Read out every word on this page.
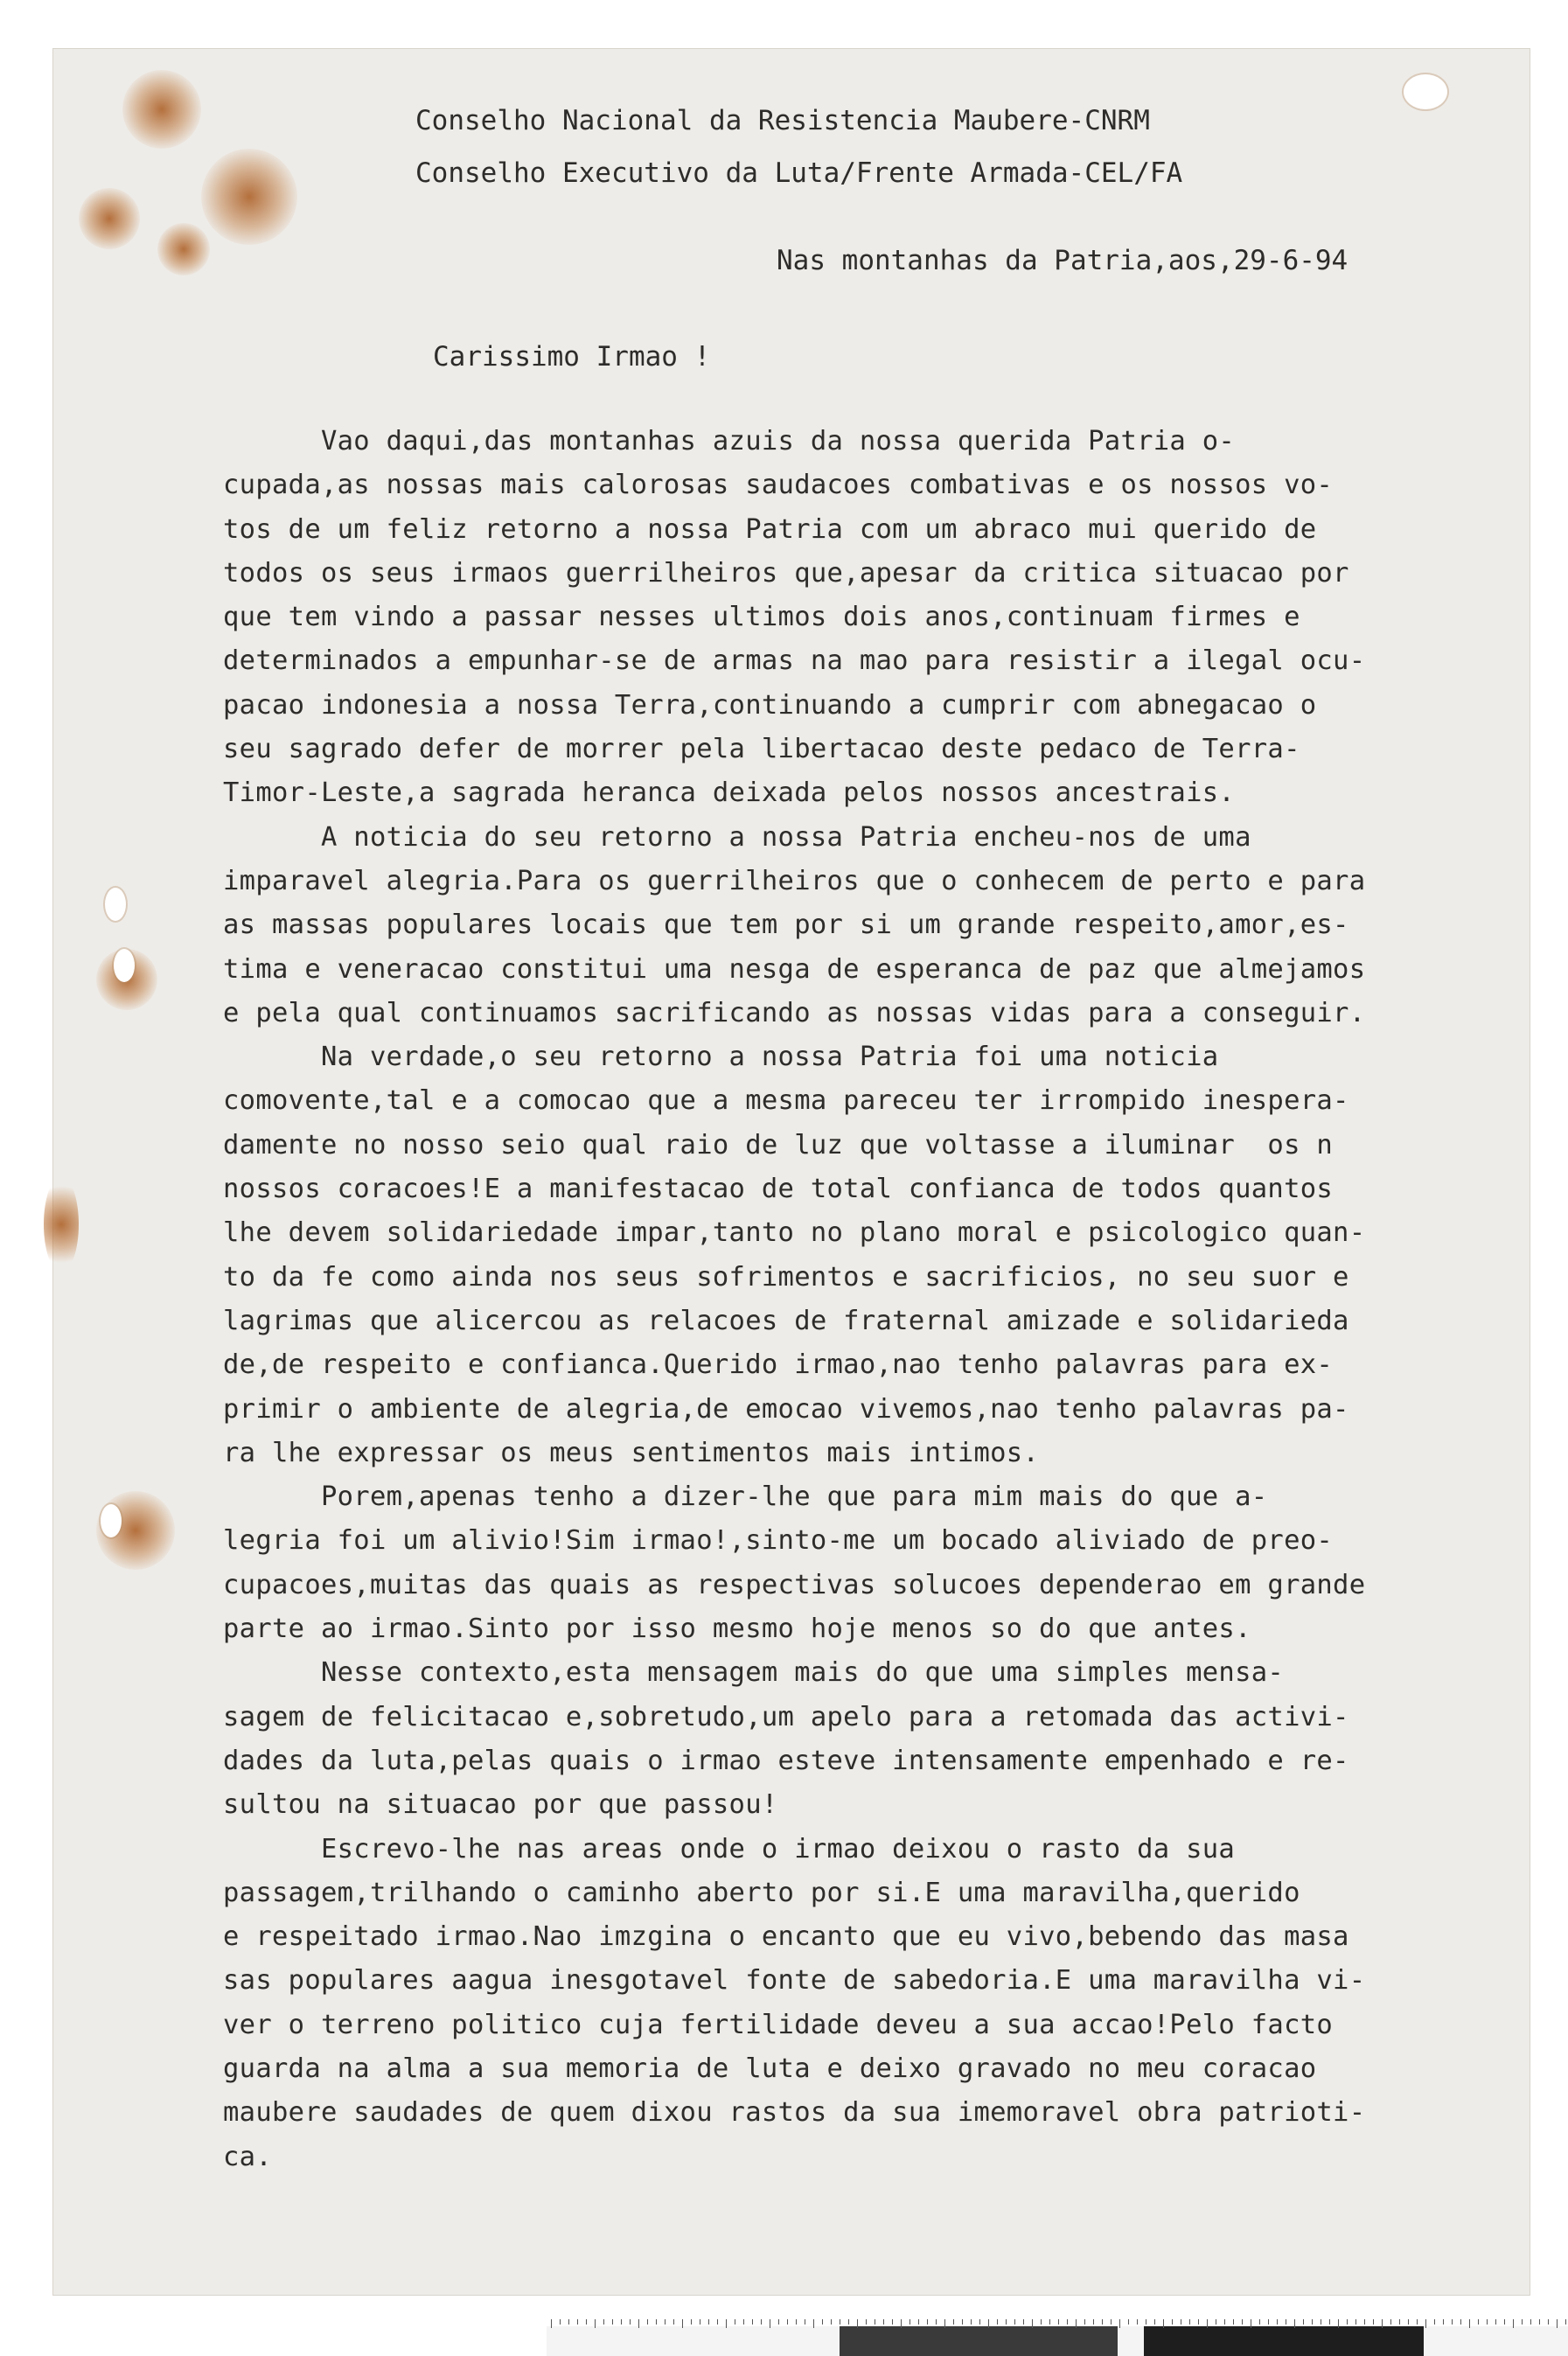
Conselho Nacional da Resistencia Maubere-CNRM
Conselho Executivo da Luta/Frente Armada-CEL/FA
Nas montanhas da Patria,aos,29-6-94
Carissimo Irmao !
Vao daqui,das montanhas azuis da nossa querida Patria o-
cupada,as nossas mais calorosas saudacoes combativas e os nossos vo-
tos de um feliz retorno a nossa Patria com um abraco mui querido de
todos os seus irmaos guerrilheiros que,apesar da critica situacao por
que tem vindo a passar nesses ultimos dois anos,continuam firmes e
determinados a empunhar-se de armas na mao para resistir a ilegal ocu-
pacao indonesia a nossa Terra,continuando a cumprir com abnegacao o
seu sagrado defer de morrer pela libertacao deste pedaco de Terra-
Timor-Leste,a sagrada heranca deixada pelos nossos ancestrais.
A noticia do seu retorno a nossa Patria encheu-nos de uma
imparavel alegria.Para os guerrilheiros que o conhecem de perto e para
as massas populares locais que tem por si um grande respeito,amor,es-
tima e veneracao constitui uma nesga de esperanca de paz que almejamos
e pela qual continuamos sacrificando as nossas vidas para a conseguir.
Na verdade,o seu retorno a nossa Patria foi uma noticia
comovente,tal e a comocao que a mesma pareceu ter irrompido inespera-
damente no nosso seio qual raio de luz que voltasse a iluminar  os n
nossos coracoes!E a manifestacao de total confianca de todos quantos
lhe devem solidariedade impar,tanto no plano moral e psicologico quan-
to da fe como ainda nos seus sofrimentos e sacrificios, no seu suor e
lagrimas que alicercou as relacoes de fraternal amizade e solidarieda
de,de respeito e confianca.Querido irmao,nao tenho palavras para ex-
primir o ambiente de alegria,de emocao vivemos,nao tenho palavras pa-
ra lhe expressar os meus sentimentos mais intimos.
Porem,apenas tenho a dizer-lhe que para mim mais do que a-
legria foi um alivio!Sim irmao!,sinto-me um bocado aliviado de preo-
cupacoes,muitas das quais as respectivas solucoes dependerao em grande
parte ao irmao.Sinto por isso mesmo hoje menos so do que antes.
Nesse contexto,esta mensagem mais do que uma simples mensa-
sagem de felicitacao e,sobretudo,um apelo para a retomada das activi-
dades da luta,pelas quais o irmao esteve intensamente empenhado e re-
sultou na situacao por que passou!
Escrevo-lhe nas areas onde o irmao deixou o rasto da sua
passagem,trilhando o caminho aberto por si.E uma maravilha,querido
e respeitado irmao.Nao imzgina o encanto que eu vivo,bebendo das masa
sas populares aagua inesgotavel fonte de sabedoria.E uma maravilha vi-
ver o terreno politico cuja fertilidade deveu a sua accao!Pelo facto
guarda na alma a sua memoria de luta e deixo gravado no meu coracao
maubere saudades de quem dixou rastos da sua imemoravel obra patrioti-
ca.
